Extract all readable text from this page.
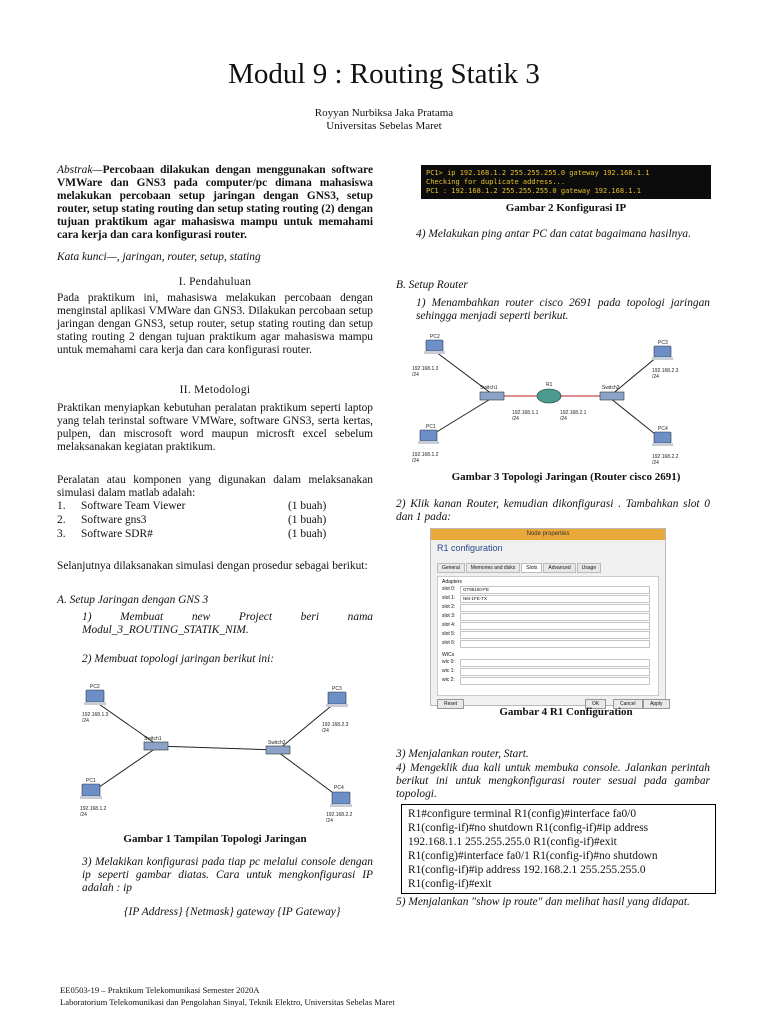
Modul 9 : Routing Statik 3
Royyan Nurbiksa Jaka Pratama
Universitas Sebelas Maret
Abstrak—Percobaan dilakukan dengan menggunakan software VMWare dan GNS3 pada computer/pc dimana mahasiswa melakukan percobaan setup jaringan dengan GNS3, setup router, setup stating routing dan setup stating routing (2) dengan tujuan praktikum agar mahasiswa mampu untuk memahami cara kerja dan cara konfigurasi router.
Kata kunci—, jaringan, router, setup, stating
I. Pendahuluan
Pada praktikum ini, mahasiswa melakukan percobaan dengan menginstal aplikasi VMWare dan GNS3. Dilakukan percobaan setup jaringan dengan GNS3, setup router, setup stating routing dan setup stating routing 2 dengan tujuan praktikum agar mahasiswa mampu untuk memahami cara kerja dan cara konfigurasi router.
II. Metodologi
Praktikan menyiapkan kebutuhan peralatan praktikum seperti laptop yang telah terinstal software VMWare, software GNS3, serta kertas, pulpen, dan miscrosoft word maupun microsft excel sebelum melaksanakan kegiatan praktikum.
Peralatan atau komponen yang digunakan dalam melaksanakan simulasi dalam matlab adalah:
1. Software Team Viewer	(1 buah)
2. Software gns3	(1 buah)
3. Software SDR#	(1 buah)
Selanjutnya dilaksanakan simulasi dengan prosedur sebagai berikut:
A. Setup Jaringan dengan GNS 3
1) Membuat new Project beri nama Modul_3_ROUTING_STATIK_NIM.
2) Membuat topologi jaringan berikut ini:
PC2
192.168.1.3
/24
PC1
192.168.1.2
/24
Switch1
Switch2
PC3
192.168.2.3
/24
PC4
192.168.2.2
/24
Gambar 1 Tampilan Topologi Jaringan
3) Melakikan konfigurasi pada tiap pc melalui console dengan ip seperti gambar diatas. Cara untuk mengkonfigurasi IP adalah : ip
{IP Address} {Netmask} gateway {IP Gateway}
PC1> ip 192.168.1.2 255.255.255.0 gateway 192.168.1.1
Checking for duplicate address...
PC1 : 192.168.1.2 255.255.255.0 gateway 192.168.1.1
Gambar 2 Konfigurasi IP
4) Melakukan ping antar PC dan catat bagaimana hasilnya.
B. Setup Router
1) Menambahkan router cisco 2691 pada topologi jaringan sehingga menjadi seperti berikut.
PC2
192.168.1.3
/24
PC1
192.168.1.2
/24
Switch1	R1
192.168.1.1
/24
192.168.2.1
/24
Switch2
PC3
192.168.2.3
/24
PC4
192.168.2.2
/24
Gambar 3 Topologi Jaringan (Router cisco 2691)
2) Klik kanan Router, kemudian dikonfigurasi . Tambahkan slot 0 dan 1 pada:
Node properties
R1 configuration
General Memories and disks Slots Advanced Usage
Adapters
slot 0:	GT96100-FE
slot 1:	NM-1FE-TX
slot 2:
slot 3:
slot 4:
slot 5:
slot 6:
WICs
wic 0:
wic 1:
wic 2:
Reset	OK	Cancel	Apply
Gambar 4 R1 Configuration
3) Menjalankan router, Start.
4) Mengeklik dua kali untuk membuka console. Jalankan perintah berikut ini untuk mengkonfigurasi router sesuai pada gambar topologi.
R1#configure terminal R1(config)#interface fa0/0
R1(config-if)#no shutdown R1(config-if)#ip address
192.168.1.1 255.255.255.0 R1(config-if)#exit
R1(config)#interface fa0/1 R1(config-if)#no shutdown
R1(config-if)#ip address 192.168.2.1 255.255.255.0
R1(config-if)#exit
5) Menjalankan "show ip route" dan melihat hasil yang didapat.
EE0503-19 – Praktikum Telekomunikasi Semester 2020A
Laboratorium Telekomunikasi dan Pengolahan Sinyal, Teknik Elektro, Universitas Sebelas Maret
